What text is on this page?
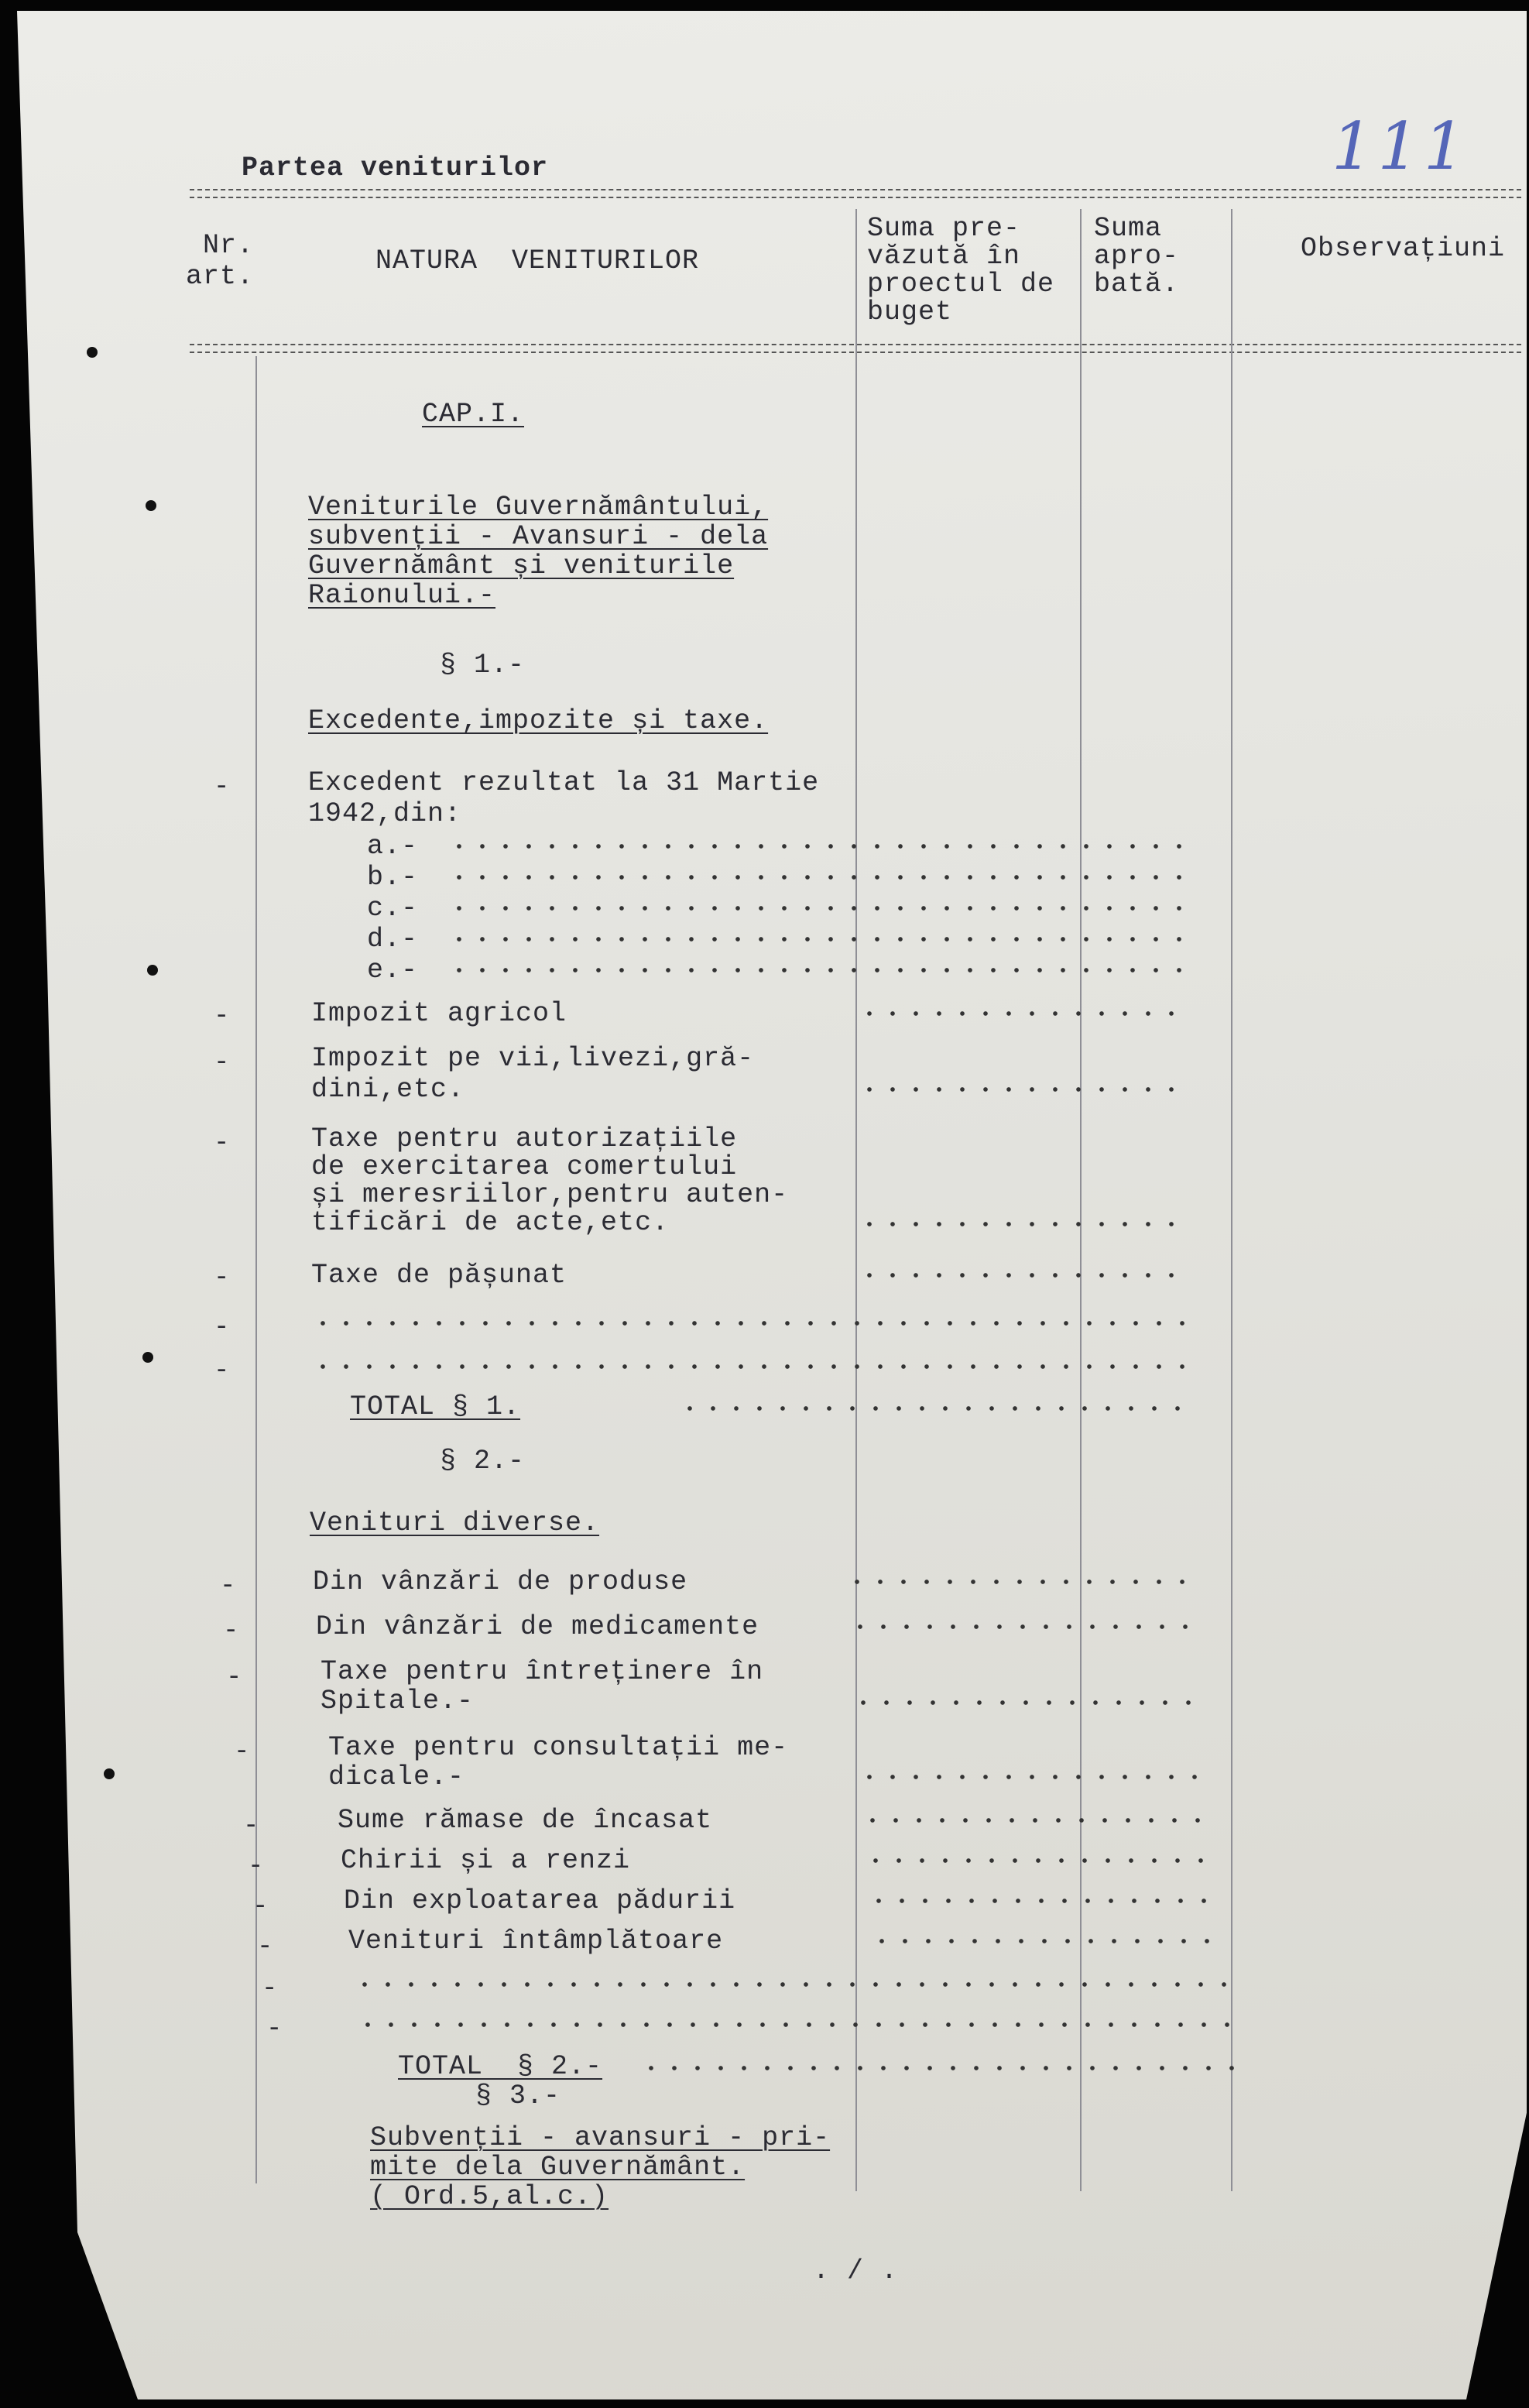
Partea veniturilor	111
Nr.
art.	NATURA  VENITURILOR
Suma pre-
văzută în
proectul de
buget
Suma
apro-
bată.
Observațiuni
CAP.I.
Veniturile Guvernământului,
subvenții - Avansuri - dela
Guvernământ și veniturile
Raionului.-
§ 1.-
Excedente,impozite și taxe.
-	Excedent rezultat la 31 Martie
1942,din:
a.-
b.-
c.-
d.-
e.-
-	Impozit agricol
-	Impozit pe vii,livezi,gră-
dini,etc.
-	Taxe pentru autorizațiile
de exercitarea comertului
și meresriilor,pentru auten-
tificări de acte,etc.
-	Taxe de pășunat
-
-
TOTAL § 1.
§ 2.-
Venituri diverse.
-	Din vânzări de produse
-	Din vânzări de medicamente
-	Taxe pentru întreținere în
Spitale.-
-	Taxe pentru consultații me-
dicale.-
-	Sume rămase de încasat
-	Chirii și a renzi
-	Din exploatarea pădurii
-	Venituri întâmplătoare
-
-
TOTAL  § 2.-
§ 3.-
Subvenții - avansuri - pri-
mite dela Guvernământ.
( Ord.5,al.c.)
. / .
